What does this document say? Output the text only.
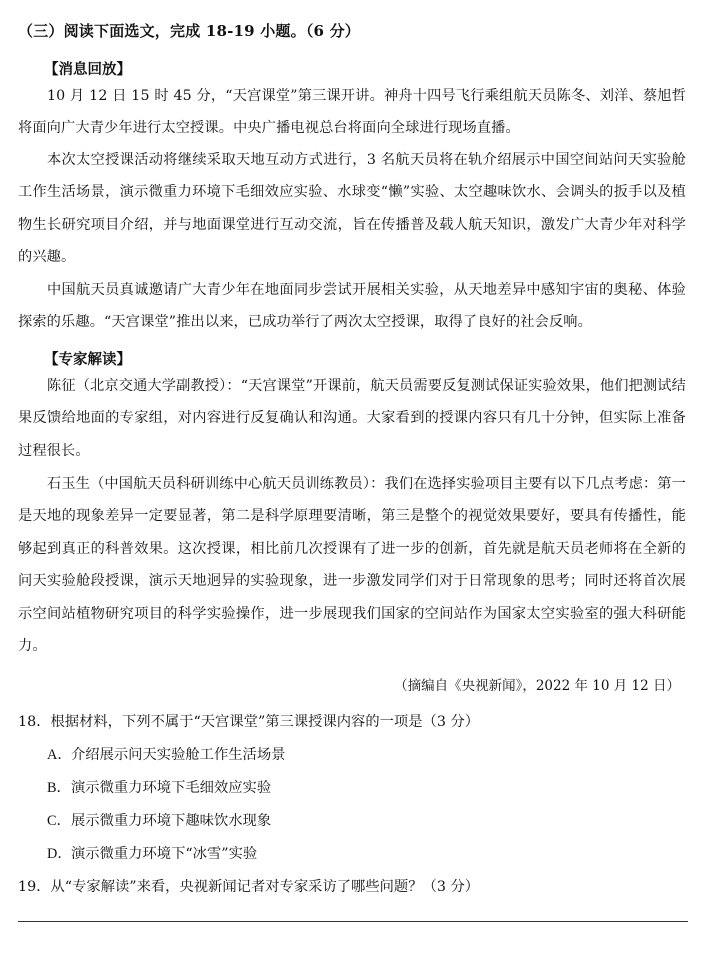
（三）阅读下面选文，完成 18-19 小题。（6 分）
【消息回放】

10 月 12 日 15 时 45 分，“天宫课堂”第三课开讲。神舟十四号飞行乘组航天员陈冬、刘洋、蔡旭哲将面向广大青少年进行太空授课。中央广播电视总台将面向全球进行现场直播。

本次太空授课活动将继续采取天地互动方式进行，3 名航天员将在轨介绍展示中国空间站问天实验舱工作生活场景，演示微重力环境下毛细效应实验、水球变“懒”实验、太空趣味饮水、会调头的扳手以及植物生长研究项目介绍，并与地面课堂进行互动交流，旨在传播普及载人航天知识，激发广大青少年对科学的兴趣。

中国航天员真诚邀请广大青少年在地面同步尝试开展相关实验，从天地差异中感知宇宙的奥秘、体验探索的乐趣。“天宫课堂”推出以来，已成功举行了两次太空授课，取得了良好的社会反响。

【专家解读】

陈征（北京交通大学副教授）：“天宫课堂”开课前，航天员需要反复测试保证实验效果，他们把测试结果反馈给地面的专家组，对内容进行反复确认和沟通。大家看到的授课内容只有几十分钟，但实际上准备过程很长。

石玉生（中国航天员科研训练中心航天员训练教员）：我们在选择实验项目主要有以下几点考虑：第一是天地的现象差异一定要显著，第二是科学原理要清晰，第三是整个的视觉效果要好，要具有传播性，能够起到真正的科普效果。这次授课，相比前几次授课有了进一步的创新，首先就是航天员老师将在全新的问天实验舱段授课，演示天地迥异的实验现象，进一步激发同学们对于日常现象的思考；同时还将首次展示空间站植物研究项目的科学实验操作，进一步展现我们国家的空间站作为国家太空实验室的强大科研能力。

（摘编自《央视新闻》，2022 年 10 月 12 日）
18．根据材料，下列不属于“天宫课堂”第三课授课内容的一项是（3 分）
A．介绍展示问天实验舱工作生活场景
B．演示微重力环境下毛细效应实验
C．展示微重力环境下趣味饮水现象
D．演示微重力环境下“冰雪”实验
19．从“专家解读”来看，央视新闻记者对专家采访了哪些问题？（3 分）
